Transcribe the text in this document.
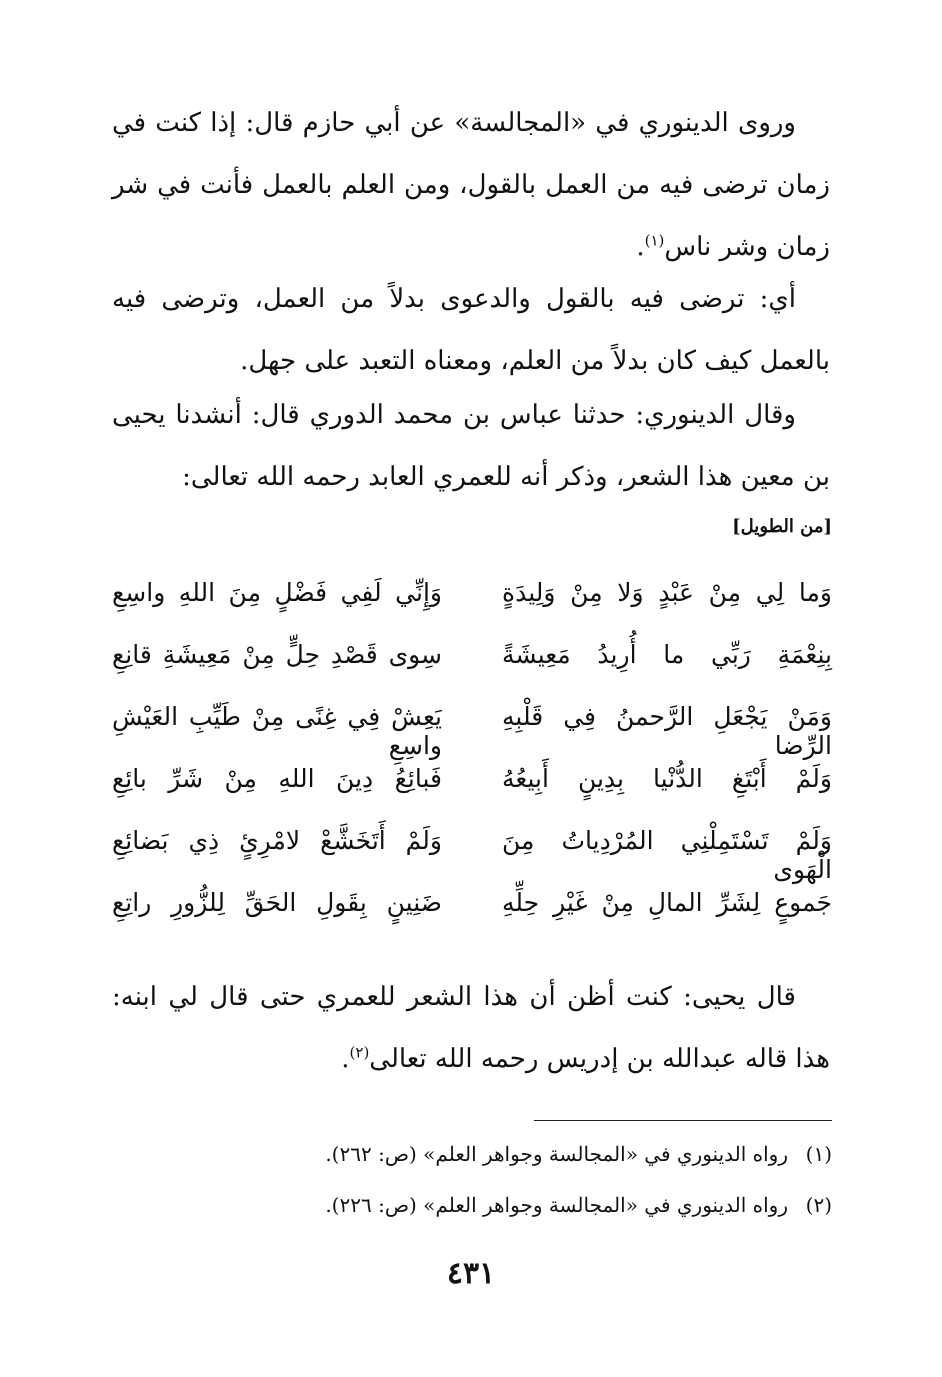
وروى الدينوري في «المجالسة» عن أبي حازم قال: إذا كنت في زمان ترضى فيه من العمل بالقول، ومن العلم بالعمل فأنت في شر زمان وشر ناس$^{(١)}$.

أي: ترضى فيه بالقول والدعوى بدلاً من العمل، وترضى فيه بالعمل كيف كان بدلاً من العلم، ومعناه التعبد على جهل.

وقال الدينوري: حدثنا عباس بن محمد الدوري قال: أنشدنا يحيى بن معين هذا الشعر، وذكر أنه للعمري العابد رحمه الله تعالى:

[من الطويل]
وَما لِي مِنْ عَبْدٍ وَلا مِنْ وَلِيدَةٍ
وَإِنِّي لَفِي فَضْلٍ مِنَ اللهِ واسِعِ
بِنِعْمَةِ رَبِّي ما أُرِيدُ مَعِيشَةً
سِوى قَصْدِ حِلٍّ مِنْ مَعِيشَةِ قانِعِ
وَمَنْ يَجْعَلِ الرَّحمنُ فِي قَلْبِهِ الرِّضا
يَعِشْ فِي غِنًى مِنْ طَيِّبِ العَيْشِ واسِعِ
وَلَمْ أَبْتَغِ الدُّنْيا بِدِينٍ أَبِيعُهُ
فَبائِعُ دِينَ اللهِ مِنْ شَرِّ بائِعِ
وَلَمْ تَسْتَمِلْنِي المُرْدِياتُ مِنَ الْهَوى
وَلَمْ أَتَخَشَّعْ لامْرِئٍ ذِي بَضائِعِ
جَموعٍ لِشَرِّ المالِ مِنْ غَيْرِ حِلِّهِ
ضَنِينٍ بِقَولِ الحَقِّ لِلزُّورِ راتِعِ

قال يحيى: كنت أظن أن هذا الشعر للعمري حتى قال لي ابنه: هذا قاله عبدالله بن إدريس رحمه الله تعالى$^{(٢)}$.

(١)رواه الدينوري في «المجالسة وجواهر العلم» (ص: ٢٦٢).
(٢)رواه الدينوري في «المجالسة وجواهر العلم» (ص: ٢٢٦).
٤٣١
